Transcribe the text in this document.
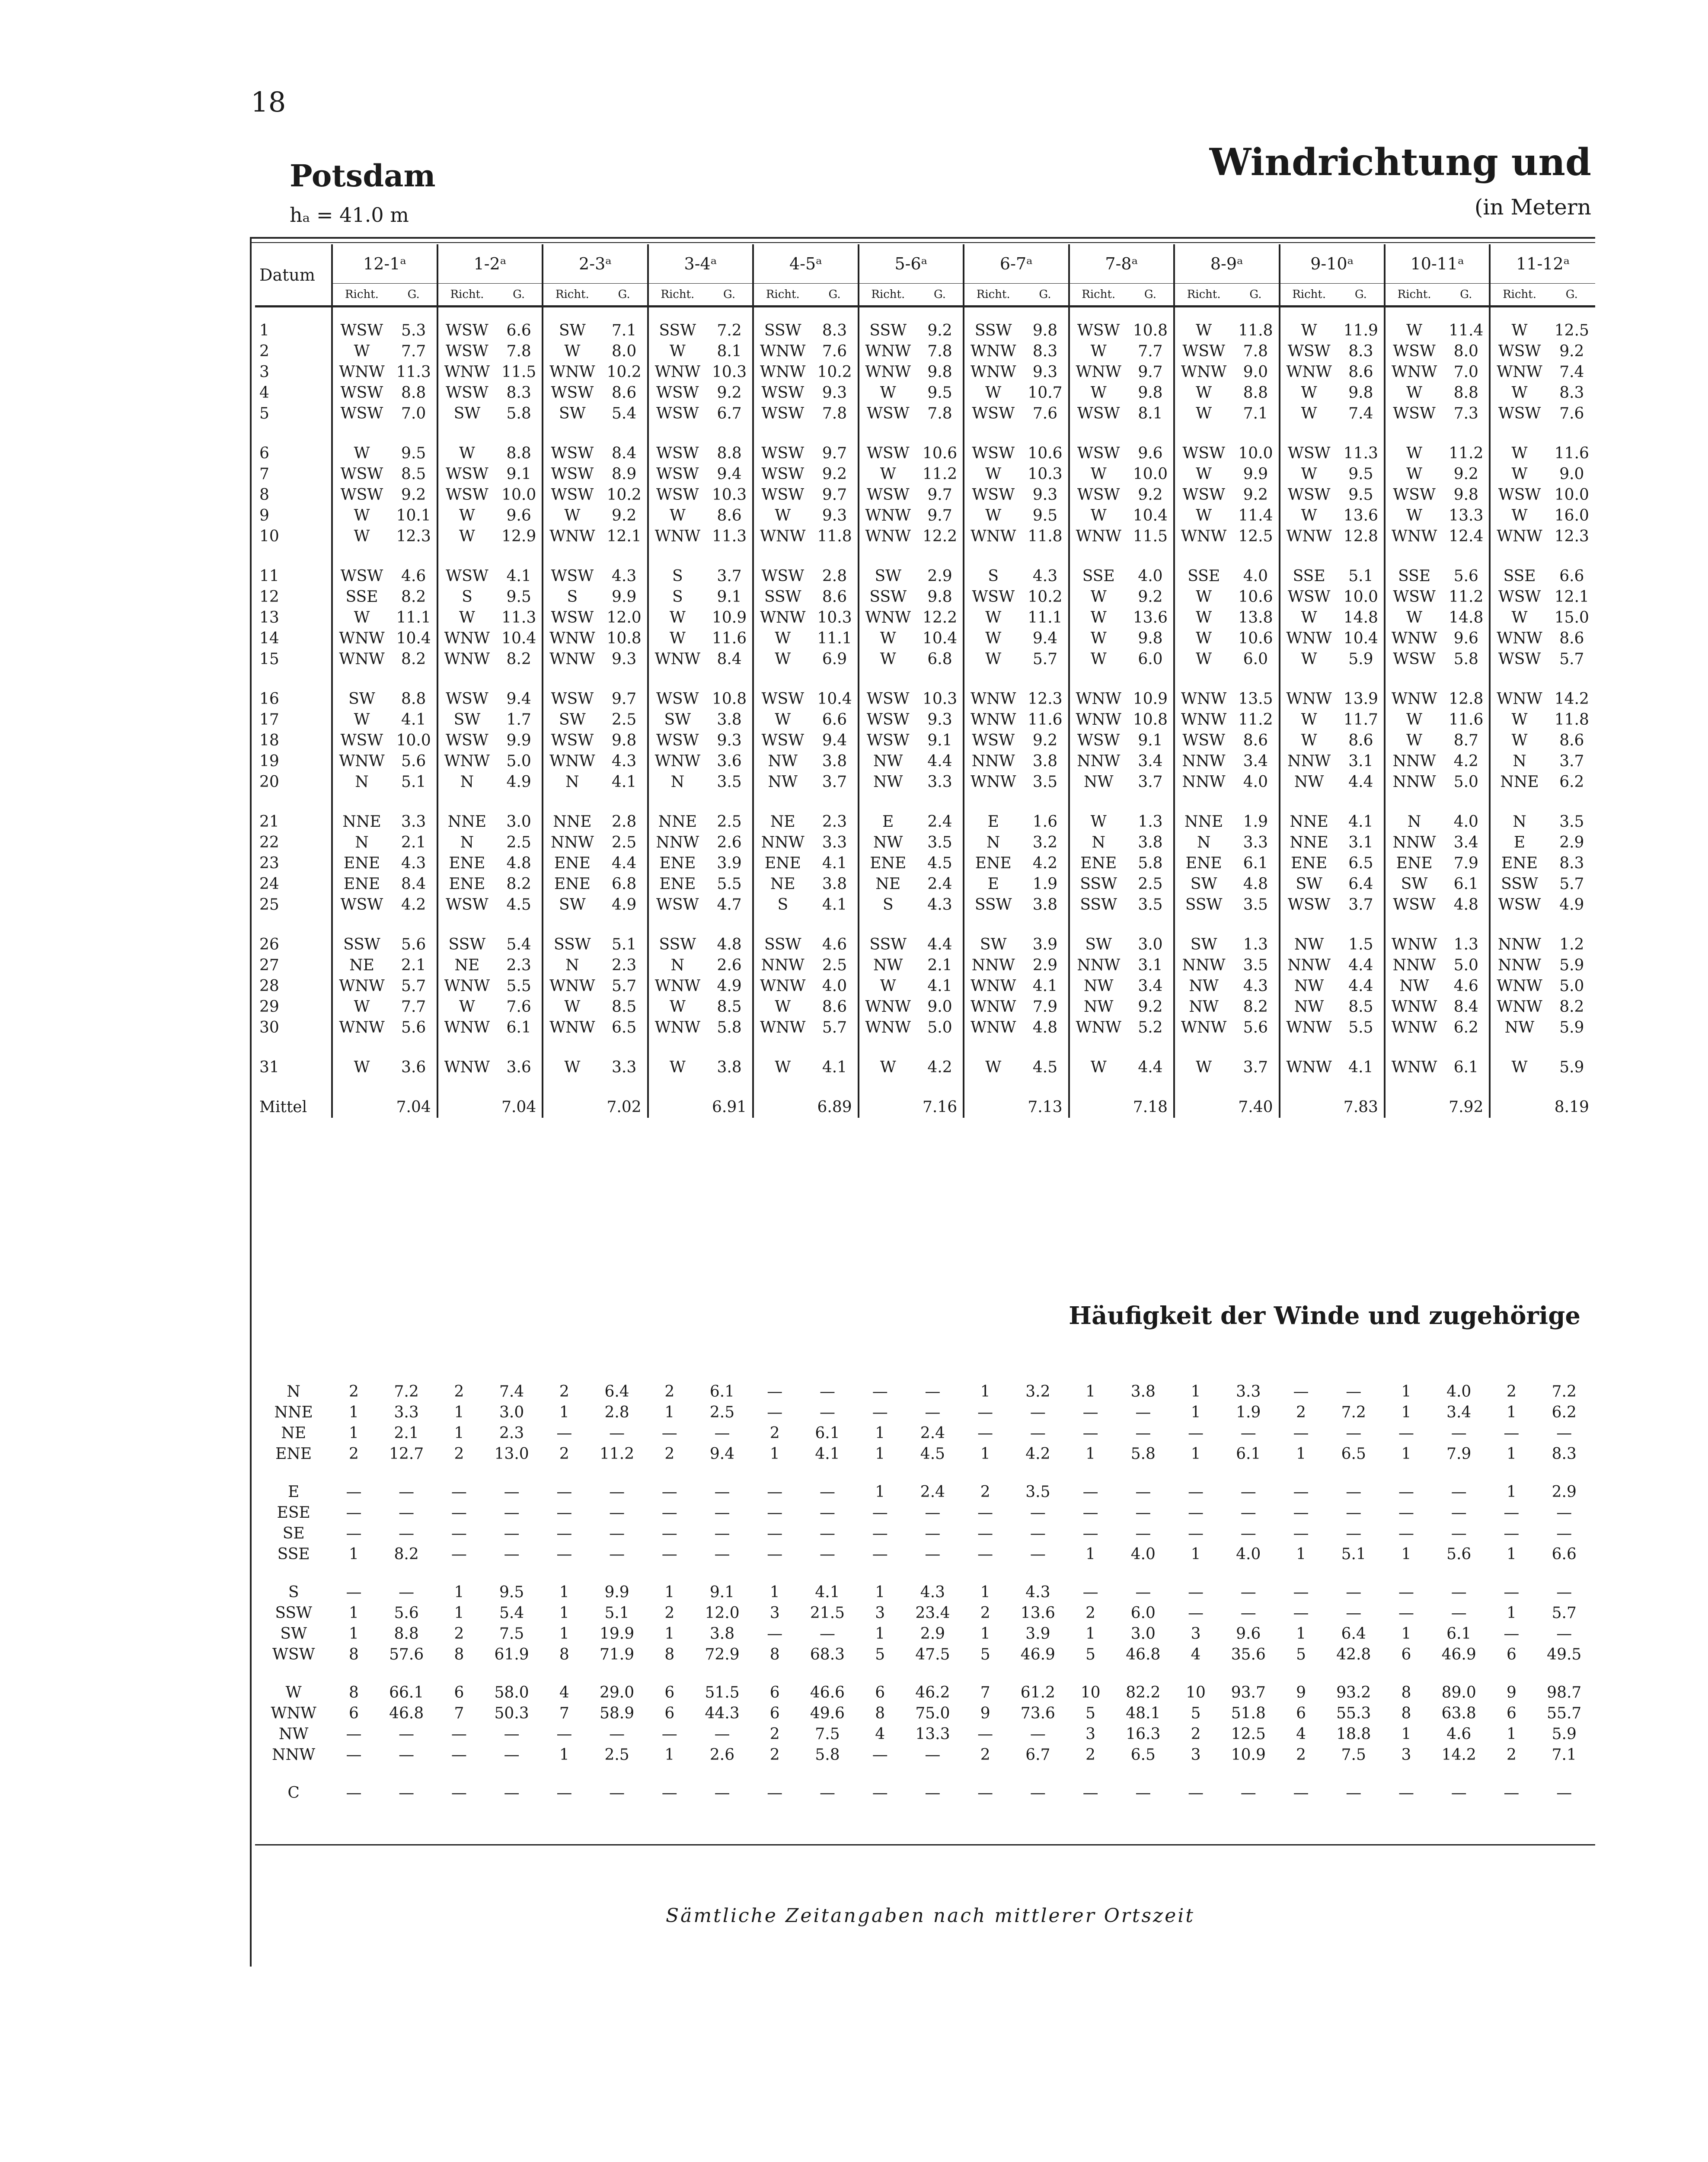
18
Potsdam
hₐ = 41.0 m
Windrichtung und
(in Metern
Datum	12-1ᵃ		1-2ᵃ		2-3ᵃ		3-4ᵃ		4-5ᵃ		5-6ᵃ		6-7ᵃ		7-8ᵃ		8-9ᵃ		9-10ᵃ		10-11ᵃ		11-12ᵃ	
	Richt.	G.	Richt.	G.	Richt.	G.	Richt.	G.	Richt.	G.	Richt.	G.	Richt.	G.	Richt.	G.	Richt.	G.	Richt.	G.	Richt.	G.	Richt.	G.

1	WSW	5.3	WSW	6.6	SW	7.1	SSW	7.2	SSW	8.3	SSW	9.2	SSW	9.8	WSW	10.8	W	11.8	W	11.9	W	11.4	W	12.5
2	W	7.7	WSW	7.8	W	8.0	W	8.1	WNW	7.6	WNW	7.8	WNW	8.3	W	7.7	WSW	7.8	WSW	8.3	WSW	8.0	WSW	9.2
3	WNW	11.3	WNW	11.5	WNW	10.2	WNW	10.3	WNW	10.2	WNW	9.8	WNW	9.3	WNW	9.7	WNW	9.0	WNW	8.6	WNW	7.0	WNW	7.4
4	WSW	8.8	WSW	8.3	WSW	8.6	WSW	9.2	WSW	9.3	W	9.5	W	10.7	W	9.8	W	8.8	W	9.8	W	8.8	W	8.3
5	WSW	7.0	SW	5.8	SW	5.4	WSW	6.7	WSW	7.8	WSW	7.8	WSW	7.6	WSW	8.1	W	7.1	W	7.4	WSW	7.3	WSW	7.6

6	W	9.5	W	8.8	WSW	8.4	WSW	8.8	WSW	9.7	WSW	10.6	WSW	10.6	WSW	9.6	WSW	10.0	WSW	11.3	W	11.2	W	11.6
7	WSW	8.5	WSW	9.1	WSW	8.9	WSW	9.4	WSW	9.2	W	11.2	W	10.3	W	10.0	W	9.9	W	9.5	W	9.2	W	9.0
8	WSW	9.2	WSW	10.0	WSW	10.2	WSW	10.3	WSW	9.7	WSW	9.7	WSW	9.3	WSW	9.2	WSW	9.2	WSW	9.5	WSW	9.8	WSW	10.0
9	W	10.1	W	9.6	W	9.2	W	8.6	W	9.3	WNW	9.7	W	9.5	W	10.4	W	11.4	W	13.6	W	13.3	W	16.0
10	W	12.3	W	12.9	WNW	12.1	WNW	11.3	WNW	11.8	WNW	12.2	WNW	11.8	WNW	11.5	WNW	12.5	WNW	12.8	WNW	12.4	WNW	12.3

11	WSW	4.6	WSW	4.1	WSW	4.3	S	3.7	WSW	2.8	SW	2.9	S	4.3	SSE	4.0	SSE	4.0	SSE	5.1	SSE	5.6	SSE	6.6
12	SSE	8.2	S	9.5	S	9.9	S	9.1	SSW	8.6	SSW	9.8	WSW	10.2	W	9.2	W	10.6	WSW	10.0	WSW	11.2	WSW	12.1
13	W	11.1	W	11.3	WSW	12.0	W	10.9	WNW	10.3	WNW	12.2	W	11.1	W	13.6	W	13.8	W	14.8	W	14.8	W	15.0
14	WNW	10.4	WNW	10.4	WNW	10.8	W	11.6	W	11.1	W	10.4	W	9.4	W	9.8	W	10.6	WNW	10.4	WNW	9.6	WNW	8.6
15	WNW	8.2	WNW	8.2	WNW	9.3	WNW	8.4	W	6.9	W	6.8	W	5.7	W	6.0	W	6.0	W	5.9	WSW	5.8	WSW	5.7

16	SW	8.8	WSW	9.4	WSW	9.7	WSW	10.8	WSW	10.4	WSW	10.3	WNW	12.3	WNW	10.9	WNW	13.5	WNW	13.9	WNW	12.8	WNW	14.2
17	W	4.1	SW	1.7	SW	2.5	SW	3.8	W	6.6	WSW	9.3	WNW	11.6	WNW	10.8	WNW	11.2	W	11.7	W	11.6	W	11.8
18	WSW	10.0	WSW	9.9	WSW	9.8	WSW	9.3	WSW	9.4	WSW	9.1	WSW	9.2	WSW	9.1	WSW	8.6	W	8.6	W	8.7	W	8.6
19	WNW	5.6	WNW	5.0	WNW	4.3	WNW	3.6	NW	3.8	NW	4.4	NNW	3.8	NNW	3.4	NNW	3.4	NNW	3.1	NNW	4.2	N	3.7
20	N	5.1	N	4.9	N	4.1	N	3.5	NW	3.7	NW	3.3	WNW	3.5	NW	3.7	NNW	4.0	NW	4.4	NNW	5.0	NNE	6.2

21	NNE	3.3	NNE	3.0	NNE	2.8	NNE	2.5	NE	2.3	E	2.4	E	1.6	W	1.3	NNE	1.9	NNE	4.1	N	4.0	N	3.5
22	N	2.1	N	2.5	NNW	2.5	NNW	2.6	NNW	3.3	NW	3.5	N	3.2	N	3.8	N	3.3	NNE	3.1	NNW	3.4	E	2.9
23	ENE	4.3	ENE	4.8	ENE	4.4	ENE	3.9	ENE	4.1	ENE	4.5	ENE	4.2	ENE	5.8	ENE	6.1	ENE	6.5	ENE	7.9	ENE	8.3
24	ENE	8.4	ENE	8.2	ENE	6.8	ENE	5.5	NE	3.8	NE	2.4	E	1.9	SSW	2.5	SW	4.8	SW	6.4	SW	6.1	SSW	5.7
25	WSW	4.2	WSW	4.5	SW	4.9	WSW	4.7	S	4.1	S	4.3	SSW	3.8	SSW	3.5	SSW	3.5	WSW	3.7	WSW	4.8	WSW	4.9

26	SSW	5.6	SSW	5.4	SSW	5.1	SSW	4.8	SSW	4.6	SSW	4.4	SW	3.9	SW	3.0	SW	1.3	NW	1.5	WNW	1.3	NNW	1.2
27	NE	2.1	NE	2.3	N	2.3	N	2.6	NNW	2.5	NW	2.1	NNW	2.9	NNW	3.1	NNW	3.5	NNW	4.4	NNW	5.0	NNW	5.9
28	WNW	5.7	WNW	5.5	WNW	5.7	WNW	4.9	WNW	4.0	W	4.1	WNW	4.1	NW	3.4	NW	4.3	NW	4.4	NW	4.6	WNW	5.0
29	W	7.7	W	7.6	W	8.5	W	8.5	W	8.6	WNW	9.0	WNW	7.9	NW	9.2	NW	8.2	NW	8.5	WNW	8.4	WNW	8.2
30	WNW	5.6	WNW	6.1	WNW	6.5	WNW	5.8	WNW	5.7	WNW	5.0	WNW	4.8	WNW	5.2	WNW	5.6	WNW	5.5	WNW	6.2	NW	5.9

31	W	3.6	WNW	3.6	W	3.3	W	3.8	W	4.1	W	4.2	W	4.5	W	4.4	W	3.7	WNW	4.1	WNW	6.1	W	5.9

Mittel		7.04		7.04		7.02		6.91		6.89		7.16		7.13		7.18		7.40		7.83		7.92		8.19
Häufigkeit der Winde und zugehörige
N	2	7.2	2	7.4	2	6.4	2	6.1	—	—	—	—	1	3.2	1	3.8	1	3.3	—	—	1	4.0	2	7.2
NNE	1	3.3	1	3.0	1	2.8	1	2.5	—	—	—	—	—	—	—	—	1	1.9	2	7.2	1	3.4	1	6.2
NE	1	2.1	1	2.3	—	—	—	—	2	6.1	1	2.4	—	—	—	—	—	—	—	—	—	—	—	—
ENE	2	12.7	2	13.0	2	11.2	2	9.4	1	4.1	1	4.5	1	4.2	1	5.8	1	6.1	1	6.5	1	7.9	1	8.3

E	—	—	—	—	—	—	—	—	—	—	1	2.4	2	3.5	—	—	—	—	—	—	—	—	1	2.9
ESE	—	—	—	—	—	—	—	—	—	—	—	—	—	—	—	—	—	—	—	—	—	—	—	—
SE	—	—	—	—	—	—	—	—	—	—	—	—	—	—	—	—	—	—	—	—	—	—	—	—
SSE	1	8.2	—	—	—	—	—	—	—	—	—	—	—	—	1	4.0	1	4.0	1	5.1	1	5.6	1	6.6

S	—	—	1	9.5	1	9.9	1	9.1	1	4.1	1	4.3	1	4.3	—	—	—	—	—	—	—	—	—	—
SSW	1	5.6	1	5.4	1	5.1	2	12.0	3	21.5	3	23.4	2	13.6	2	6.0	—	—	—	—	—	—	1	5.7
SW	1	8.8	2	7.5	1	19.9	1	3.8	—	—	1	2.9	1	3.9	1	3.0	3	9.6	1	6.4	1	6.1	—	—
WSW	8	57.6	8	61.9	8	71.9	8	72.9	8	68.3	5	47.5	5	46.9	5	46.8	4	35.6	5	42.8	6	46.9	6	49.5

W	8	66.1	6	58.0	4	29.0	6	51.5	6	46.6	6	46.2	7	61.2	10	82.2	10	93.7	9	93.2	8	89.0	9	98.7
WNW	6	46.8	7	50.3	7	58.9	6	44.3	6	49.6	8	75.0	9	73.6	5	48.1	5	51.8	6	55.3	8	63.8	6	55.7
NW	—	—	—	—	—	—	—	—	2	7.5	4	13.3	—	—	3	16.3	2	12.5	4	18.8	1	4.6	1	5.9
NNW	—	—	—	—	1	2.5	1	2.6	2	5.8	—	—	2	6.7	2	6.5	3	10.9	2	7.5	3	14.2	2	7.1

C	—	—	—	—	—	—	—	—	—	—	—	—	—	—	—	—	—	—	—	—	—	—	—	—
Sämtliche Zeitangaben nach mittlerer Ortszeit
